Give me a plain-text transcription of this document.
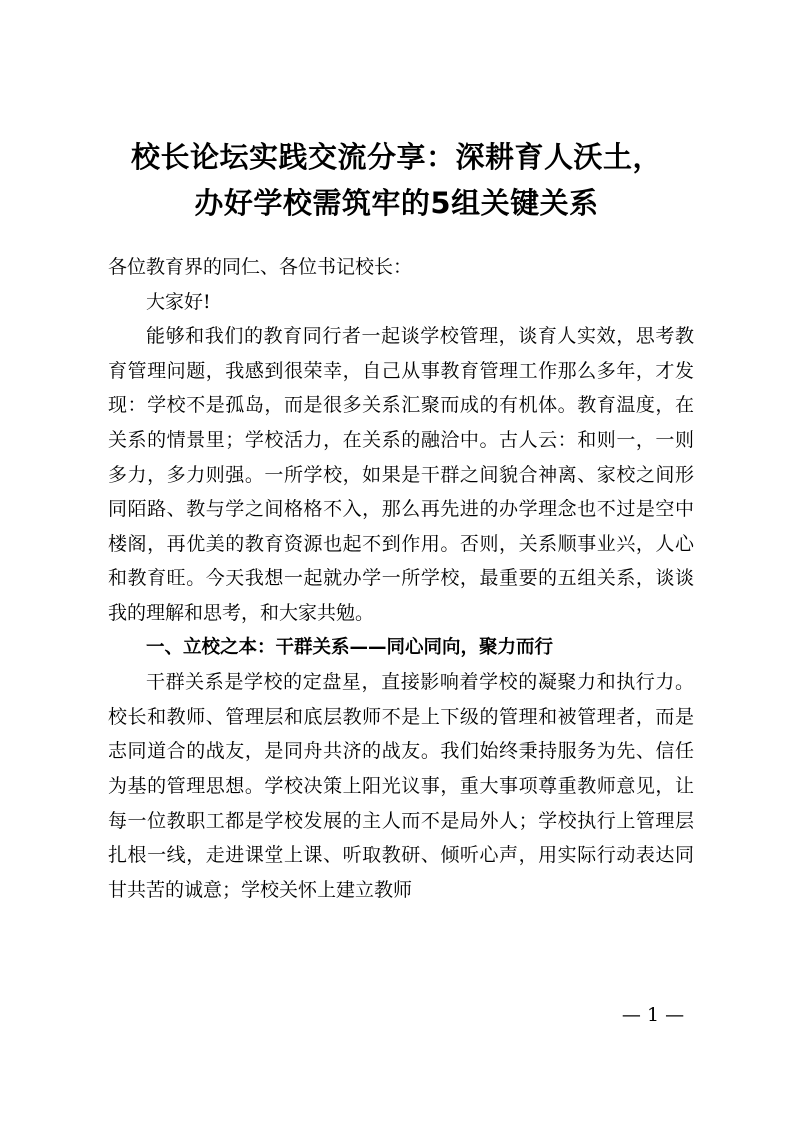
校长论坛实践交流分享：深耕育人沃土，
办好学校需筑牢的5组关键关系

各位教育界的同仁、各位书记校长：

大家好!

能够和我们的教育同行者一起谈学校管理，谈育人实效，思考教育管理问题，我感到很荣幸，自己从事教育管理工作那么多年，才发现：学校不是孤岛，而是很多关系汇聚而成的有机体。教育温度，在关系的情景里；学校活力，在关系的融洽中。古人云：和则一，一则多力，多力则强。一所学校，如果是干群之间貌合神离、家校之间形同陌路、教与学之间格格不入，那么再先进的办学理念也不过是空中楼阁，再优美的教育资源也起不到作用。否则，关系顺事业兴，人心和教育旺。今天我想一起就办学一所学校，最重要的五组关系，谈谈我的理解和思考，和大家共勉。

一、立校之本：干群关系——同心同向，聚力而行

干群关系是学校的定盘星，直接影响着学校的凝聚力和执行力。校长和教师、管理层和底层教师不是上下级的管理和被管理者，而是志同道合的战友，是同舟共济的战友。我们始终秉持服务为先、信任为基的管理思想。学校决策上阳光议事，重大事项尊重教师意见，让每一位教职工都是学校发展的主人而不是局外人；学校执行上管理层扎根一线，走进课堂上课、听取教研、倾听心声，用实际行动表达同甘共苦的诚意；学校关怀上建立教师

— 1 —
